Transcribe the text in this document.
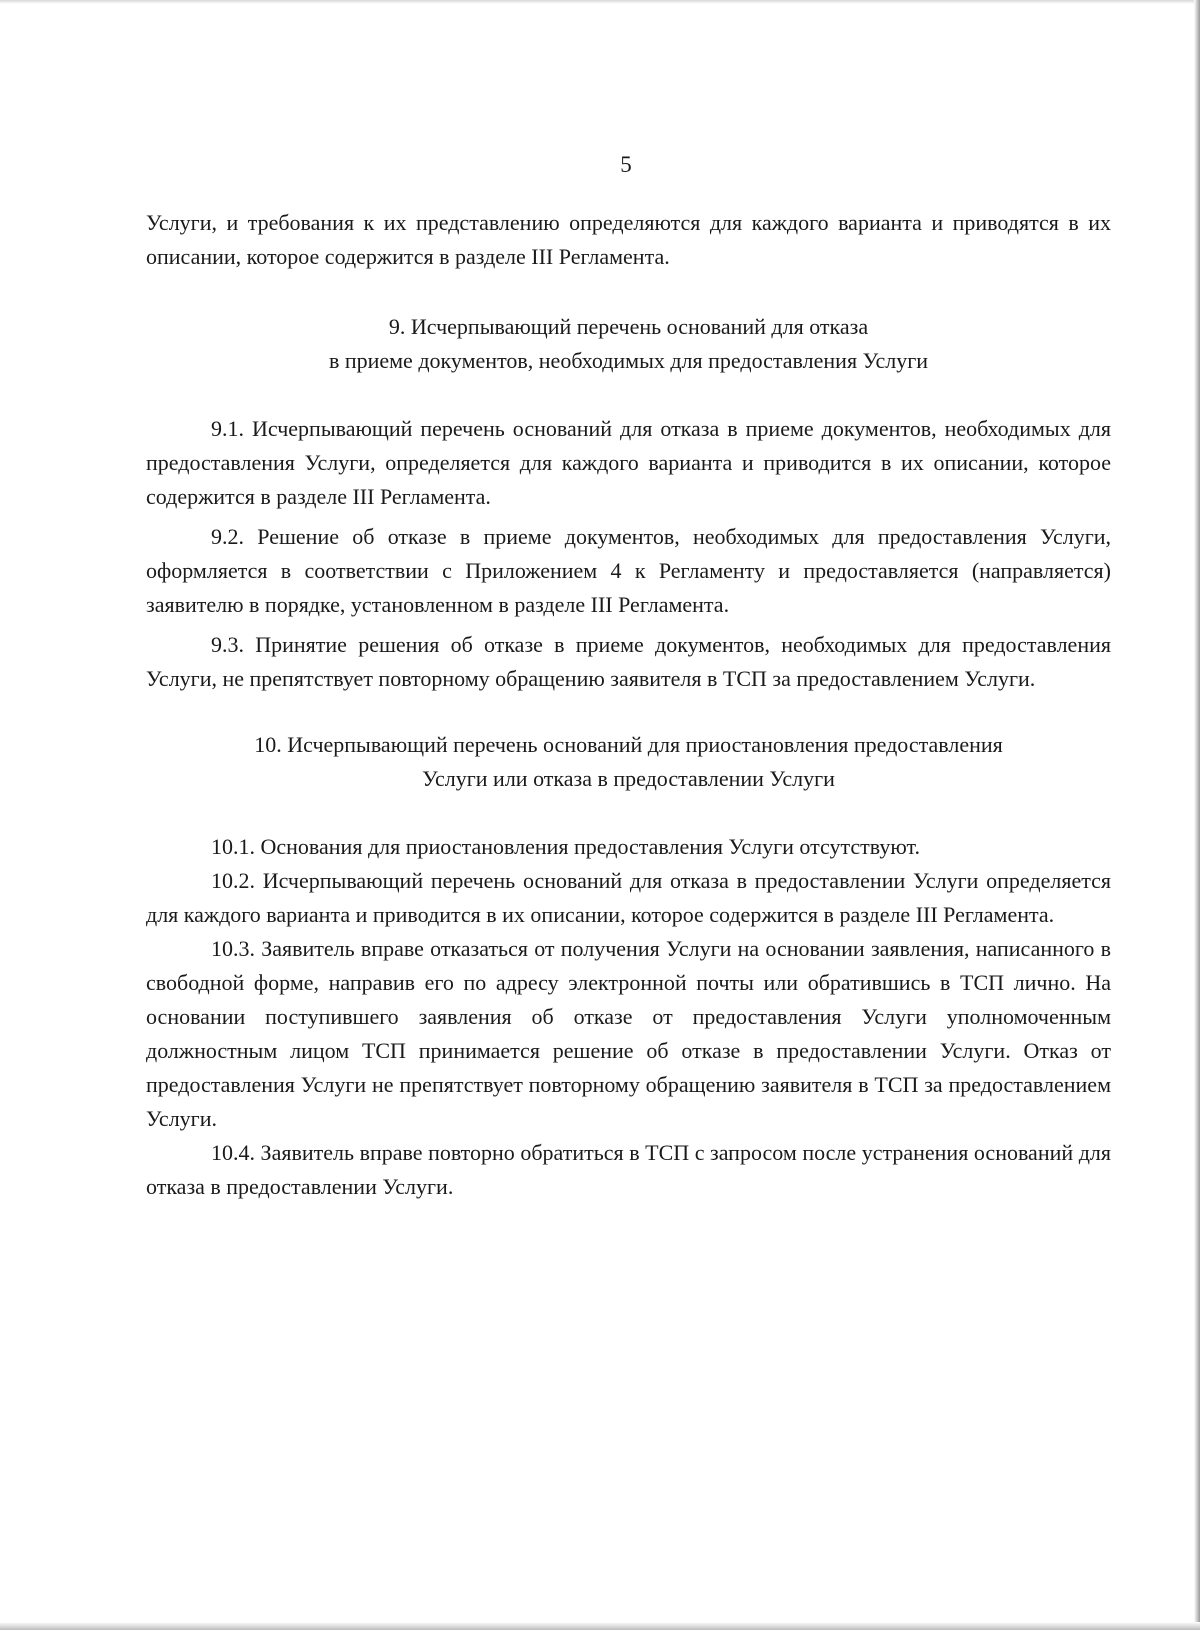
5

Услуги, и требования к их представлению определяются для каждого варианта и приводятся в их описании, которое содержится в разделе III Регламента.

9. Исчерпывающий перечень оснований для отказа
в приеме документов, необходимых для предоставления Услуги

9.1. Исчерпывающий перечень оснований для отказа в приеме документов, необходимых для предоставления Услуги, определяется для каждого варианта и приводится в их описании, которое содержится в разделе III Регламента.

9.2. Решение об отказе в приеме документов, необходимых для предоставления Услуги, оформляется в соответствии с Приложением 4 к Регламенту и предоставляется (направляется) заявителю в порядке, установленном в разделе III Регламента.

9.3. Принятие решения об отказе в приеме документов, необходимых для предоставления Услуги, не препятствует повторному обращению заявителя в ТСП за предоставлением Услуги.

10. Исчерпывающий перечень оснований для приостановления предоставления
Услуги или отказа в предоставлении Услуги

10.1. Основания для приостановления предоставления Услуги отсутствуют.

10.2. Исчерпывающий перечень оснований для отказа в предоставлении Услуги определяется для каждого варианта и приводится в их описании, которое содержится в разделе III Регламента.

10.3. Заявитель вправе отказаться от получения Услуги на основании заявления, написанного в свободной форме, направив его по адресу электронной почты или обратившись в ТСП лично. На основании поступившего заявления об отказе от предоставления Услуги уполномоченным должностным лицом ТСП принимается решение об отказе в предоставлении Услуги. Отказ от предоставления Услуги не препятствует повторному обращению заявителя в ТСП за предоставлением Услуги.

10.4. Заявитель вправе повторно обратиться в ТСП с запросом после устранения оснований для отказа в предоставлении Услуги.
